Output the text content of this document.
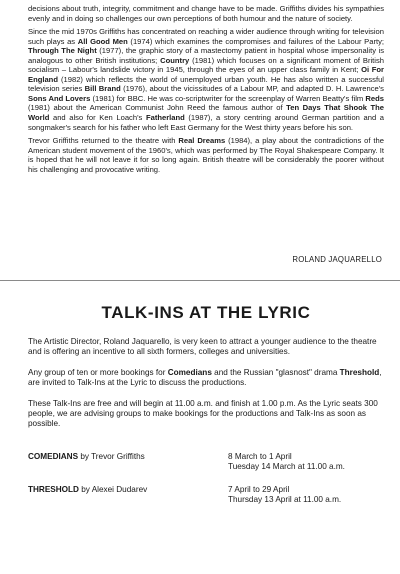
decisions about truth, integrity, commitment and change have to be made. Griffiths divides his sympathies evenly and in doing so challenges our own perceptions of both humour and the nature of society.

Since the mid 1970s Griffiths has concentrated on reaching a wider audience through writing for television such plays as All Good Men (1974) which examines the compromises and failures of the Labour Party; Through The Night (1977), the graphic story of a mastectomy patient in hospital whose impersonality is analogous to other British institutions; Country (1981) which focuses on a significant moment of British socialism – Labour's landslide victory in 1945, through the eyes of an upper class family in Kent; Oi For England (1982) which reflects the world of unemployed urban youth. He has also written a successful television series Bill Brand (1976), about the vicissitudes of a Labour MP, and adapted D. H. Lawrence's Sons And Lovers (1981) for BBC. He was co-scriptwriter for the screenplay of Warren Beatty's film Reds (1981) about the American Communist John Reed the famous author of Ten Days That Shook The World and also for Ken Loach's Fatherland (1987), a story centring around German partition and a songmaker's search for his father who left East Germany for the West thirty years before his son.

Trevor Griffiths returned to the theatre with Real Dreams (1984), a play about the contradictions of the American student movement of the 1960's, which was performed by The Royal Shakespeare Company. It is hoped that he will not leave it for so long again. British theatre will be considerably the poorer without his challenging and provocative writing.

ROLAND JAQUARELLO
TALK-INS AT THE LYRIC

The Artistic Director, Roland Jaquarello, is very keen to attract a younger audience to the theatre and is offering an incentive to all sixth formers, colleges and universities.

Any group of ten or more bookings for Comedians and the Russian "glasnost" drama Threshold, are invited to Talk-Ins at the Lyric to discuss the productions.

These Talk-Ins are free and will begin at 11.00 a.m. and finish at 1.00 p.m. As the Lyric seats 300 people, we are advising groups to make bookings for the productions and Talk-Ins as soon as possible.

COMEDIANS by Trevor Griffiths	8 March to 1 April
Tuesday 14 March at 11.00 a.m.
THRESHOLD by Alexei Dudarev	7 April to 29 April
Thursday 13 April at 11.00 a.m.
